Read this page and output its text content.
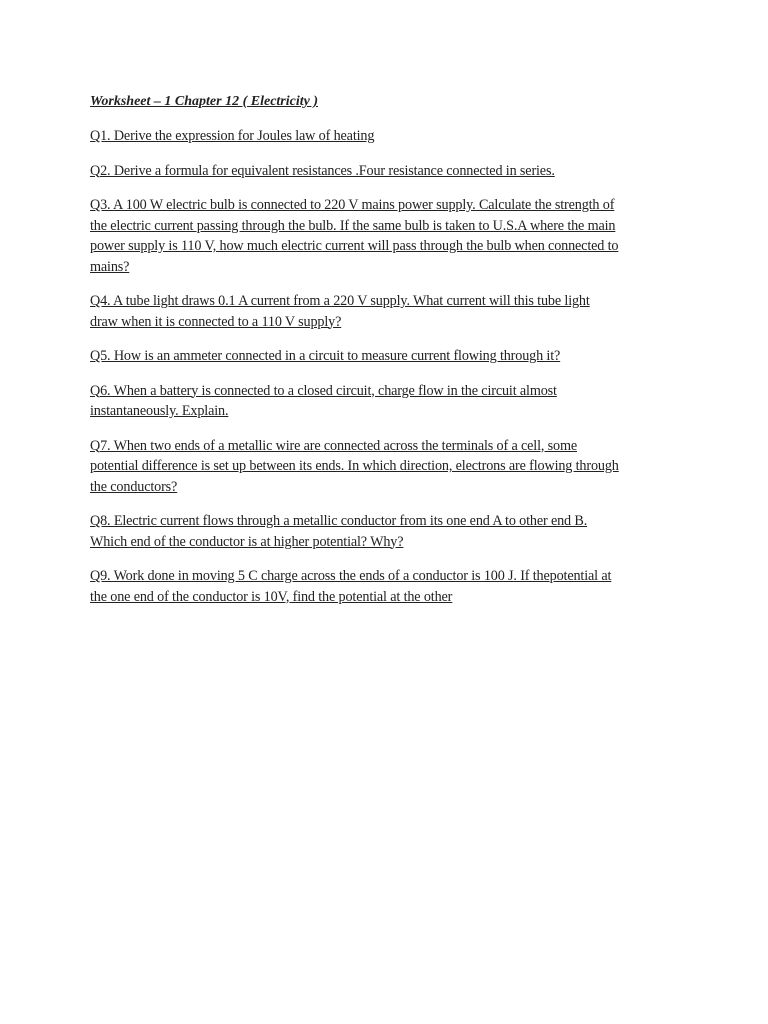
Worksheet – 1 Chapter 12 ( Electricity )
Q1. Derive the expression for Joules law of heating
Q2. Derive a formula for equivalent resistances .Four resistance connected in series.
Q3. A 100 W electric bulb is connected to 220 V mains power supply. Calculate the strength of
the electric current passing through the bulb. If the same bulb is taken to U.S.A where the main
power supply is 110 V, how much electric current will pass through the bulb when connected to
mains?
Q4. A tube light draws 0.1 A current from a 220 V supply. What current will this tube light
draw when it is connected to a 110 V supply?
Q5. How is an ammeter connected in a circuit to measure current flowing through it?
Q6. When a battery is connected to a closed circuit, charge flow in the circuit almost
instantaneously. Explain.
Q7. When two ends of a metallic wire are connected across the terminals of a cell, some
potential difference is set up between its ends. In which direction, electrons are flowing through
the conductors?
Q8. Electric current flows through a metallic conductor from its one end A to other end B.
Which end of the conductor is at higher potential? Why?
Q9. Work done in moving 5 C charge across the ends of a conductor is 100 J. If thepotential at
the one end of the conductor is 10V, find the potential at the other
